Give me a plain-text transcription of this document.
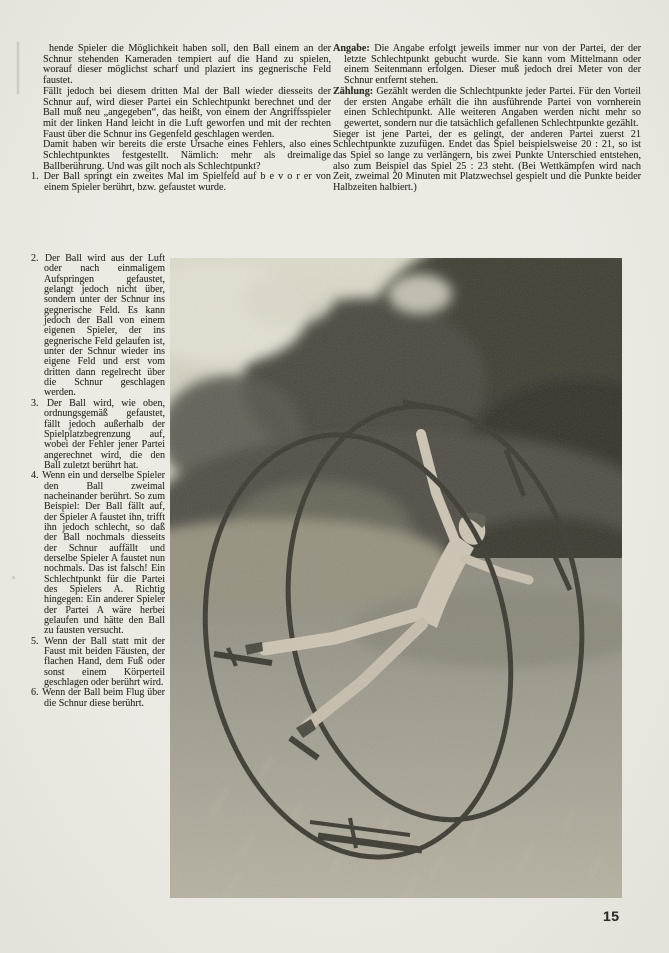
hende Spieler die Möglichkeit haben soll, den Ball einem an der Schnur stehenden Kameraden tempiert auf die Hand zu spielen, worauf dieser möglichst scharf und plaziert ins gegnerische Feld faustet.

Fällt jedoch bei diesem dritten Mal der Ball wieder diesseits der Schnur auf, wird dieser Partei ein Schlechtpunkt berechnet und der Ball muß neu „angegeben“, das heißt, von einem der Angriffsspieler mit der linken Hand leicht in die Luft geworfen und mit der rechten Faust über die Schnur ins Gegenfeld geschlagen werden.

Damit haben wir bereits die erste Ursache eines Fehlers, also eines Schlechtpunktes festgestellt. Nämlich: mehr als dreimalige Ballberührung. Und was gilt noch als Schlechtpunkt?

1. Der Ball springt ein zweites Mal im Spielfeld auf b e v o r er von einem Spieler berührt, bzw. gefaustet wurde.

2. Der Ball wird aus der Luft oder nach einmaligem Aufspringen gefaustet, gelangt jedoch nicht über, sondern unter der Schnur ins gegnerische Feld. Es kann jedoch der Ball von einem eigenen Spieler, der ins gegnerische Feld gelaufen ist, unter der Schnur wieder ins eigene Feld und erst vom dritten dann regelrecht über die Schnur geschlagen werden.

3. Der Ball wird, wie oben, ordnungsgemäß gefaustet, fällt jedoch außerhalb der Spielplatzbegrenzung auf, wobei der Fehler jener Partei angerechnet wird, die den Ball zuletzt berührt hat.

4. Wenn ein und derselbe Spieler den Ball zweimal nacheinander berührt. So zum Beispiel: Der Ball fällt auf, der Spieler A faustet ihn, trifft ihn jedoch schlecht, so daß der Ball nochmals diesseits der Schnur auffällt und derselbe Spieler A faustet nun nochmals. Das ist falsch! Ein Schlechtpunkt für die Partei des Spielers A. Richtig hingegen: Ein anderer Spieler der Partei A wäre herbei gelaufen und hätte den Ball zu fausten versucht.

5. Wenn der Ball statt mit der Faust mit beiden Fäusten, der flachen Hand, dem Fuß oder sonst einem Körperteil geschlagen oder berührt wird.

6. Wenn der Ball beim Flug über die Schnur diese berührt.

Angabe: Die Angabe erfolgt jeweils immer nur von der Partei, der der letzte Schlechtpunkt gebucht wurde. Sie kann vom Mittelmann oder einem Seitenmann erfolgen. Dieser muß jedoch drei Meter von der Schnur entfernt stehen.

Zählung: Gezählt werden die Schlechtpunkte jeder Partei. Für den Vorteil der ersten Angabe erhält die ihn ausführende Partei von vornherein einen Schlechtpunkt. Alle weiteren Angaben werden nicht mehr so gewertet, sondern nur die tatsächlich gefallenen Schlechtpunkte gezählt.

Sieger ist jene Partei, der es gelingt, der anderen Partei zuerst 21 Schlechtpunkte zuzufügen. Endet das Spiel beispielsweise 20 : 21, so ist das Spiel so lange zu verlängern, bis zwei Punkte Unterschied entstehen, also zum Beispiel das Spiel 25 : 23 steht. (Bei Wettkämpfen wird nach Zeit, zweimal 20 Minuten mit Platzwechsel gespielt und die Punkte beider Halbzeiten halbiert.)

15
